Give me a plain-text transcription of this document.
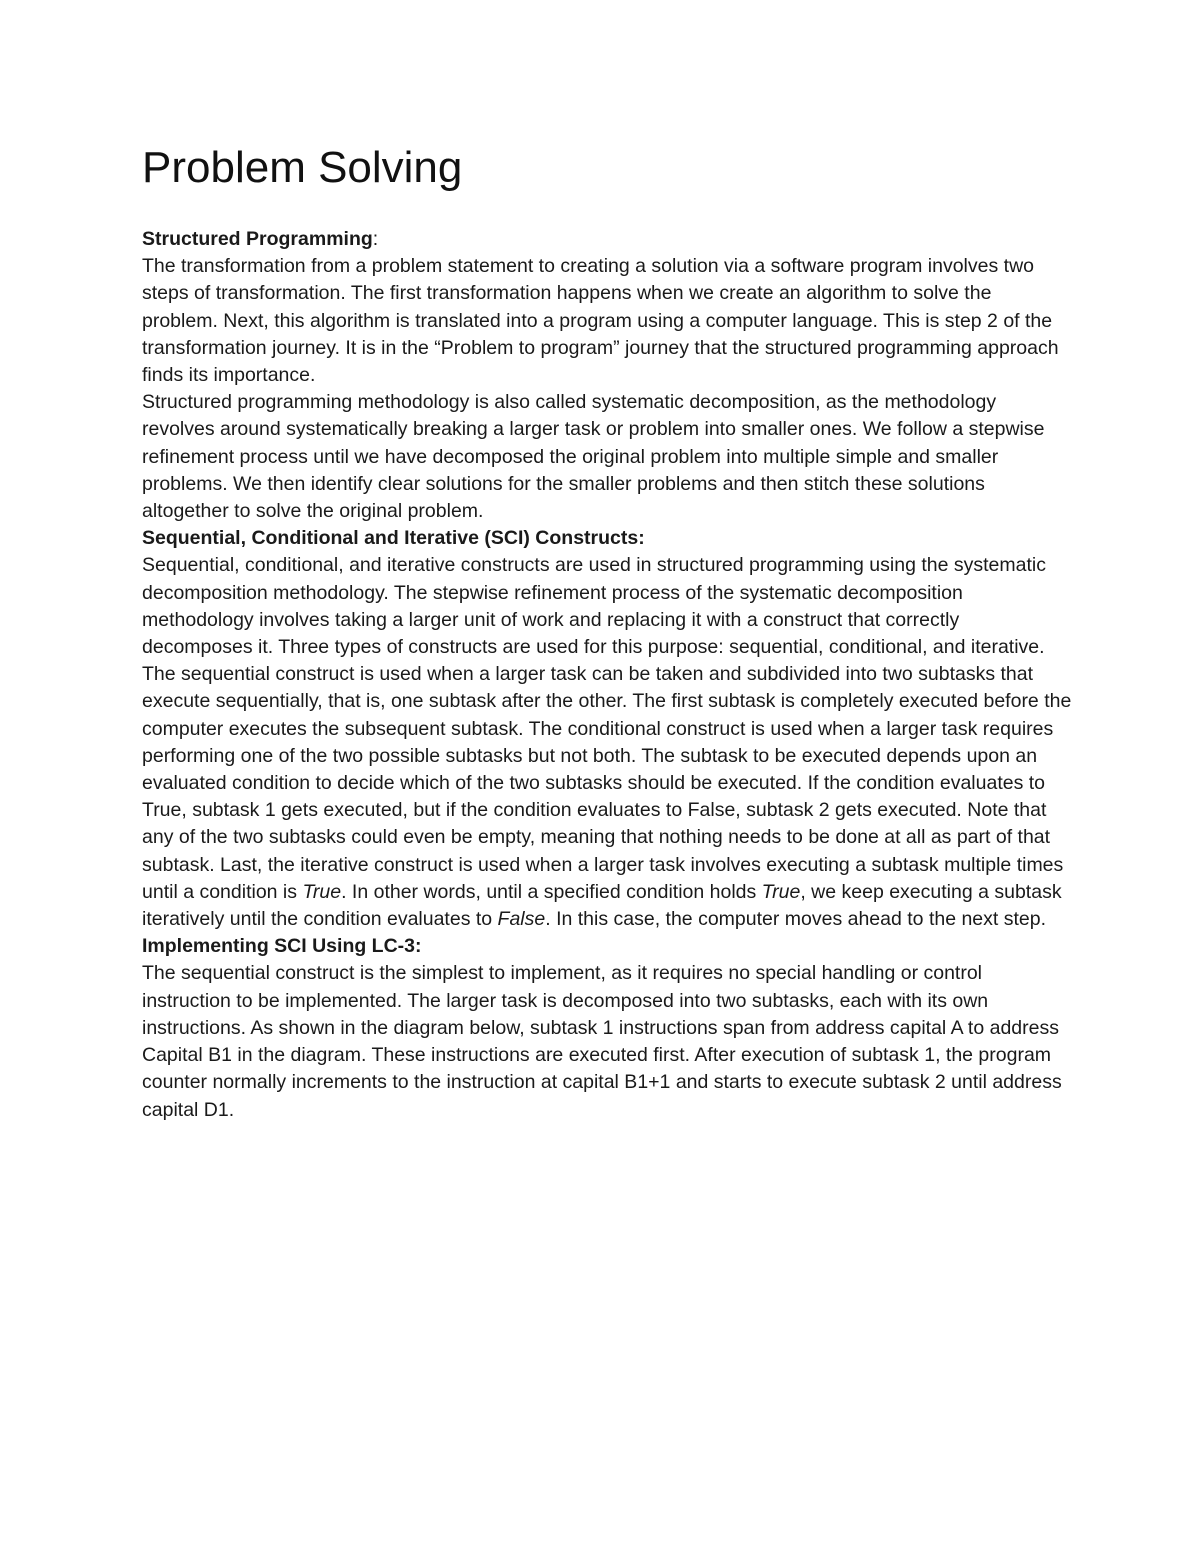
Problem Solving

Structured Programming:

The transformation from a problem statement to creating a solution via a software program involves two steps of transformation. The first transformation happens when we create an algorithm to solve the problem. Next, this algorithm is translated into a program using a computer language. This is step 2 of the transformation journey. It is in the “Problem to program” journey that the structured programming approach finds its importance.

Structured programming methodology is also called systematic decomposition, as the methodology revolves around systematically breaking a larger task or problem into smaller ones. We follow a stepwise refinement process until we have decomposed the original problem into multiple simple and smaller problems. We then identify clear solutions for the smaller problems and then stitch these solutions altogether to solve the original problem.

Sequential, Conditional and Iterative (SCI) Constructs:

Sequential, conditional, and iterative constructs are used in structured programming using the systematic decomposition methodology. The stepwise refinement process of the systematic decomposition methodology involves taking a larger unit of work and replacing it with a construct that correctly decomposes it. Three types of constructs are used for this purpose: sequential, conditional, and iterative.

The sequential construct is used when a larger task can be taken and subdivided into two subtasks that execute sequentially, that is, one subtask after the other. The first subtask is completely executed before the computer executes the subsequent subtask. The conditional construct is used when a larger task requires performing one of the two possible subtasks but not both. The subtask to be executed depends upon an evaluated condition to decide which of the two subtasks should be executed. If the condition evaluates to True, subtask 1 gets executed, but if the condition evaluates to False, subtask 2 gets executed. Note that any of the two subtasks could even be empty, meaning that nothing needs to be done at all as part of that subtask. Last, the iterative construct is used when a larger task involves executing a subtask multiple times until a condition is True. In other words, until a specified condition holds True, we keep executing a subtask iteratively until the condition evaluates to False. In this case, the computer moves ahead to the next step.

Implementing SCI Using LC-3:

The sequential construct is the simplest to implement, as it requires no special handling or control instruction to be implemented. The larger task is decomposed into two subtasks, each with its own instructions. As shown in the diagram below, subtask 1 instructions span from address capital A to address Capital B1 in the diagram. These instructions are executed first. After execution of subtask 1, the program counter normally increments to the instruction at capital B1+1 and starts to execute subtask 2 until address capital D1.
